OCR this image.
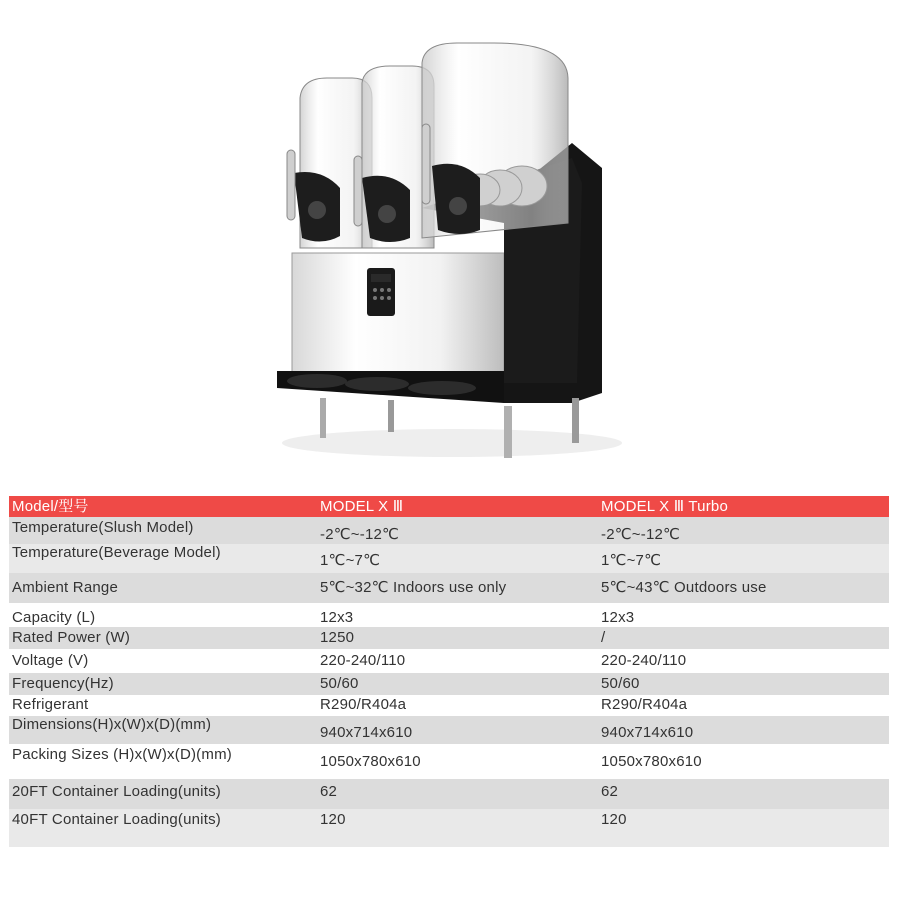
Model/型号	MODEL X Ⅲ	MODEL X Ⅲ Turbo
Temperature(Slush Model)	-2℃~-12℃	-2℃~-12℃
Temperature(Beverage Model)	1℃~7℃	1℃~7℃
Ambient Range	5℃~32℃ Indoors use only	5℃~43℃ Outdoors use
Capacity (L)	12x3	12x3
Rated Power (W)	1250	/
Voltage (V)	220-240/110	220-240/110
Frequency(Hz)	50/60	50/60
Refrigerant	R290/R404a	R290/R404a
Dimensions(H)x(W)x(D)(mm)	940x714x610	940x714x610
Packing Sizes (H)x(W)x(D)(mm)	1050x780x610	1050x780x610
20FT Container Loading(units)	62	62
40FT Container Loading(units)	120	120
